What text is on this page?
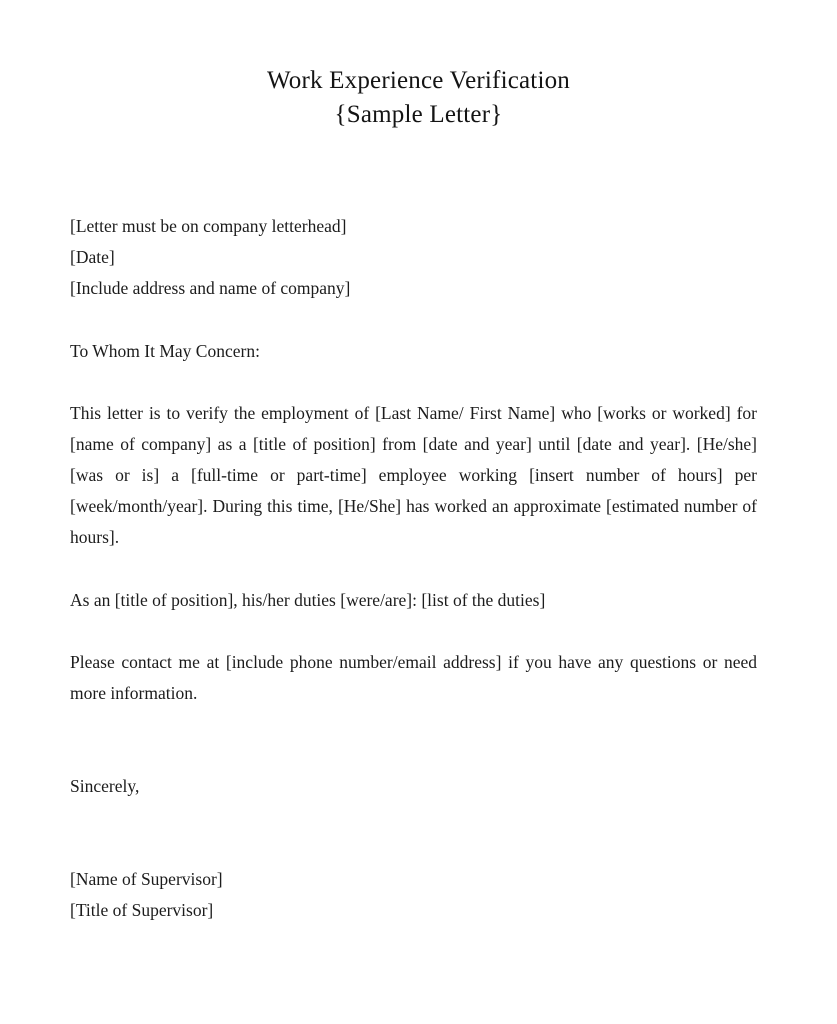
Work Experience Verification
{Sample Letter}
[Letter must be on company letterhead]
[Date]
[Include address and name of company]
To Whom It May Concern:

This letter is to verify the employment of [Last Name/ First Name] who [works or worked] for [name of company] as a [title of position] from [date and year] until [date and year]. [He/she] [was or is] a [full-time or part-time] employee working [insert number of hours] per [week/month/year]. During this time, [He/She] has worked an approximate [estimated number of hours].

As an [title of position], his/her duties [were/are]: [list of the duties]

Please contact me at [include phone number/email address] if you have any questions or need more information.

Sincerely,
[Name of Supervisor]
[Title of Supervisor]
